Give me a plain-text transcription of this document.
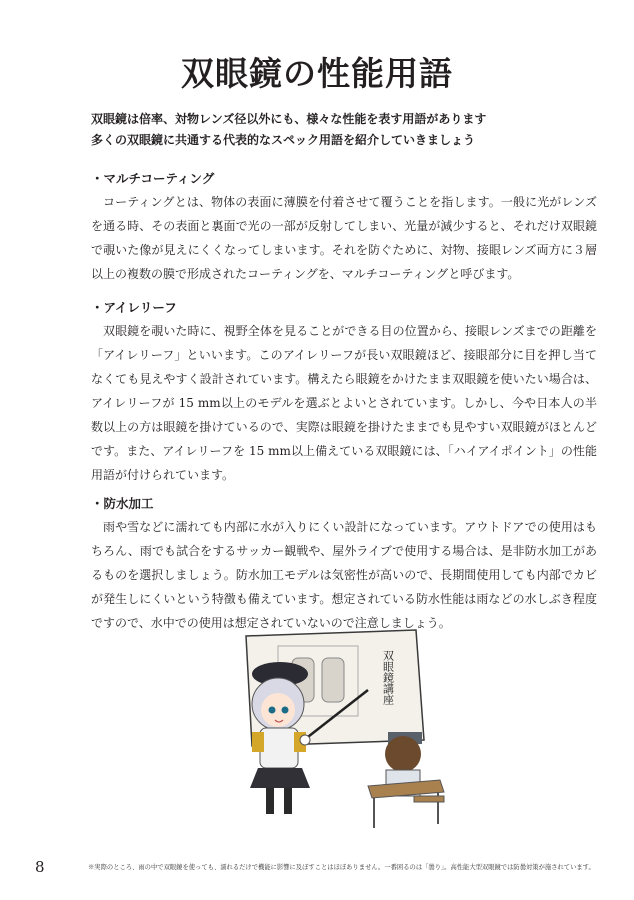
双眼鏡の性能用語
双眼鏡は倍率、対物レンズ径以外にも、様々な性能を表す用語があります
多くの双眼鏡に共通する代表的なスペック用語を紹介していきましょう
・マルチコーティング

コーティングとは、物体の表面に薄膜を付着させて覆うことを指します。一般に光がレンズを通る時、その表面と裏面で光の一部が反射してしまい、光量が減少すると、それだけ双眼鏡で覗いた像が見えにくくなってしまいます。それを防ぐために、対物、接眼レンズ両方に３層以上の複数の膜で形成されたコーティングを、マルチコーティングと呼びます。

・アイレリーフ

双眼鏡を覗いた時に、視野全体を見ることができる目の位置から、接眼レンズまでの距離を「アイレリーフ」といいます。このアイレリーフが長い双眼鏡ほど、接眼部分に目を押し当てなくても見えやすく設計されています。構えたら眼鏡をかけたまま双眼鏡を使いたい場合は、アイレリーフが 15 mm以上のモデルを選ぶとよいとされています。しかし、今や日本人の半数以上の方は眼鏡を掛けているので、実際は眼鏡を掛けたままでも見やすい双眼鏡がほとんどです。また、アイレリーフを 15 mm以上備えている双眼鏡には、「ハイアイポイント」の性能用語が付けられています。

・防水加工

雨や雪などに濡れても内部に水が入りにくい設計になっています。アウトドアでの使用はもちろん、雨でも試合をするサッカー観戦や、屋外ライブで使用する場合は、是非防水加工があるものを選択しましょう。防水加工モデルは気密性が高いので、長期間使用しても内部でカビが発生しにくいという特徴も備えています。想定されている防水性能は雨などの水しぶき程度ですので、水中での使用は想定されていないので注意しましょう。

双眼鏡講座
8	※実際のところ、雨の中で双眼鏡を使っても、濡れるだけで機能に影響に及ぼすことはほぼありません。一番困るのは「曇り」。高性能大型双眼鏡では防曇対策が施されています。
